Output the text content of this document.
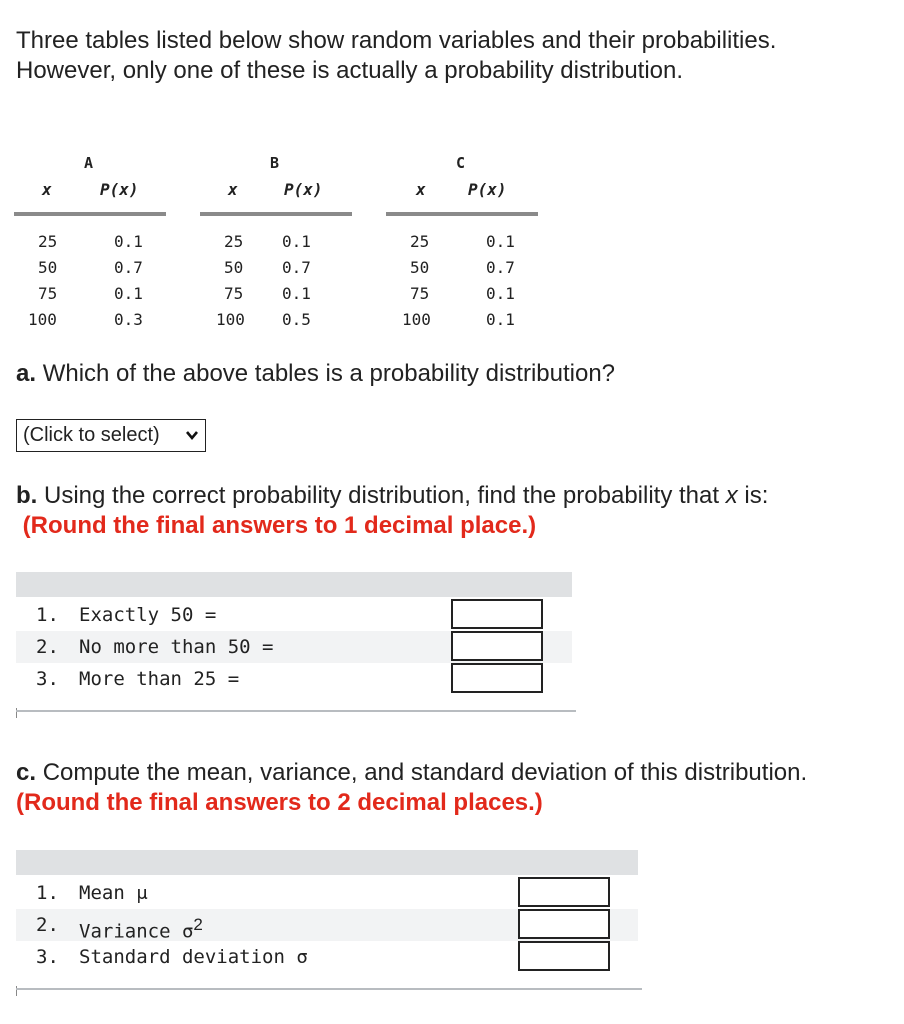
Three tables listed below show random variables and their probabilities. However, only one of these is actually a probability distribution.

A
x	P(x)
25	0.1
50	0.7
75	0.1
100	0.3
B
x	P(x)
25 0.1
50 0.7
75 0.1
100 0.5
C
x	P(x)
25	0.1
50	0.7
75	0.1
100	0.1

a. Which of the above tables is a probability distribution?

(Click to select)

b. Using the correct probability distribution, find the probability that x is:
(Round the final answers to 1 decimal place.)

1. Exactly 50 =
2. No more than 50 =
3. More than 25 =

c. Compute the mean, variance, and standard deviation of this distribution. (Round the final answers to 2 decimal places.)

1. Mean μ
2. Variance $\sigma^2$
3. Standard deviation σ
